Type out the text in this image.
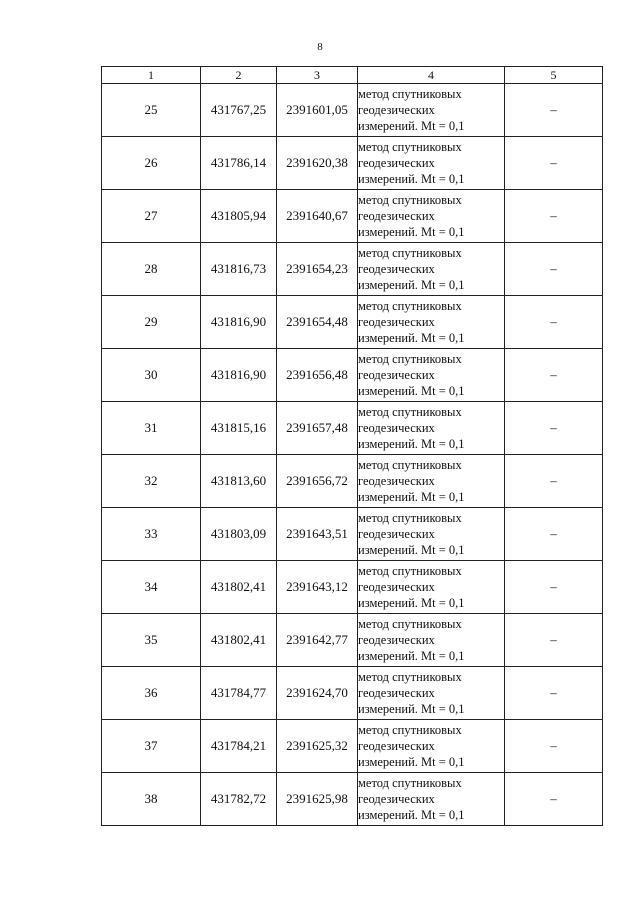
8
1	2	3	4	5
25	431767,25	2391601,05	метод спутниковых
геодезических
измерений. Mt = 0,1	–
26	431786,14	2391620,38	метод спутниковых
геодезических
измерений. Mt = 0,1	–
27	431805,94	2391640,67	метод спутниковых
геодезических
измерений. Mt = 0,1	–
28	431816,73	2391654,23	метод спутниковых
геодезических
измерений. Mt = 0,1	–
29	431816,90	2391654,48	метод спутниковых
геодезических
измерений. Mt = 0,1	–
30	431816,90	2391656,48	метод спутниковых
геодезических
измерений. Mt = 0,1	–
31	431815,16	2391657,48	метод спутниковых
геодезических
измерений. Mt = 0,1	–
32	431813,60	2391656,72	метод спутниковых
геодезических
измерений. Mt = 0,1	–
33	431803,09	2391643,51	метод спутниковых
геодезических
измерений. Mt = 0,1	–
34	431802,41	2391643,12	метод спутниковых
геодезических
измерений. Mt = 0,1	–
35	431802,41	2391642,77	метод спутниковых
геодезических
измерений. Mt = 0,1	–
36	431784,77	2391624,70	метод спутниковых
геодезических
измерений. Mt = 0,1	–
37	431784,21	2391625,32	метод спутниковых
геодезических
измерений. Mt = 0,1	–
38	431782,72	2391625,98	метод спутниковых
геодезических
измерений. Mt = 0,1	–
